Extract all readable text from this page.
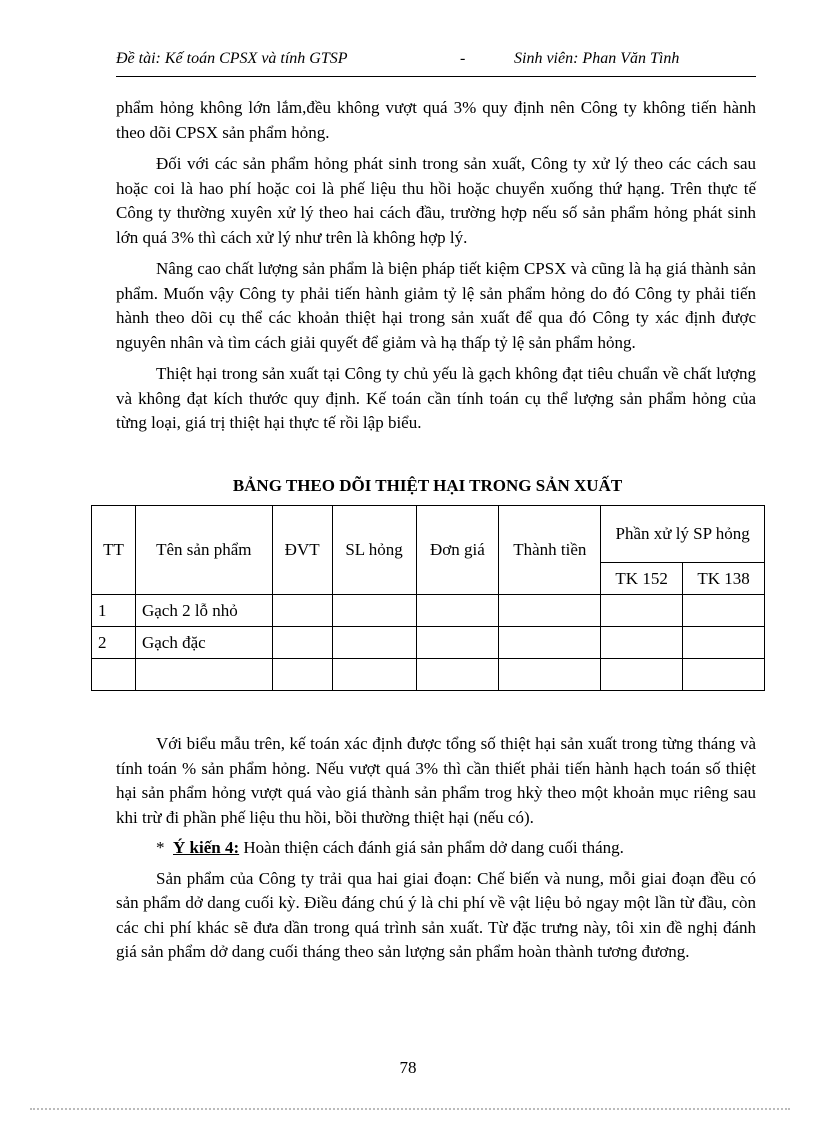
Đề tài: Kế toán CPSX và tính GTSP	-	Sinh viên: Phan Văn Tình

phẩm hỏng không lớn lắm,đều không vượt quá 3% quy định nên Công ty không tiến hành theo dõi CPSX sản phẩm hỏng.

Đối với các sản phẩm hỏng phát sinh trong sản xuất, Công ty xử lý theo các cách sau hoặc coi là hao phí hoặc coi là phế liệu thu hồi hoặc chuyển xuống thứ hạng. Trên thực tế Công ty thường xuyên xử lý theo hai cách đầu, trường hợp nếu số sản phẩm hỏng phát sinh lớn quá 3% thì cách xử lý như trên là không hợp lý.

Nâng cao chất lượng sản phẩm là biện pháp tiết kiệm CPSX và cũng là hạ giá thành sản phẩm. Muốn vậy Công ty phải tiến hành giảm tỷ lệ sản phẩm hỏng do đó Công ty phải tiến hành theo dõi cụ thể các khoản thiệt hại trong sản xuất để qua đó Công ty xác định được nguyên nhân và tìm cách giải quyết để giảm và hạ thấp tỷ lệ sản phẩm hỏng.

Thiệt hại trong sản xuất tại Công ty chủ yếu là gạch không đạt tiêu chuẩn về chất lượng và không đạt kích thước quy định. Kế toán cần tính toán cụ thể lượng sản phẩm hỏng của từng loại, giá trị thiệt hại thực tế rồi lập biểu.

BẢNG THEO DÕI THIỆT HẠI TRONG SẢN XUẤT
TT	Tên sản phẩm	ĐVT	SL hỏng	Đơn giá	Thành tiền	Phần xử lý SP hỏng	
						TK 152	TK 138
1	Gạch 2 lỗ nhỏ						
2	Gạch đặc						

Với biểu mẫu trên, kế toán xác định được tổng số thiệt hại sản xuất trong từng tháng và tính toán % sản phẩm hỏng. Nếu vượt quá 3% thì cần thiết phải tiến hành hạch toán số thiệt hại sản phẩm hỏng vượt quá vào giá thành sản phẩm trog hkỳ theo một khoản mục riêng sau khi trừ đi phần phế liệu thu hồi, bồi thường thiệt hại (nếu có).

* Ý kiến 4: Hoàn thiện cách đánh giá sản phẩm dở dang cuối tháng.

Sản phẩm của Công ty trải qua hai giai đoạn: Chế biến và nung, mỗi giai đoạn đều có sản phẩm dở dang cuối kỳ. Điều đáng chú ý là chi phí về vật liệu bỏ ngay một lần từ đầu, còn các chi phí khác sẽ đưa dần trong quá trình sản xuất. Từ đặc trưng này, tôi xin đề nghị đánh giá sản phẩm dở dang cuối tháng theo sản lượng sản phẩm hoàn thành tương đương.

78
